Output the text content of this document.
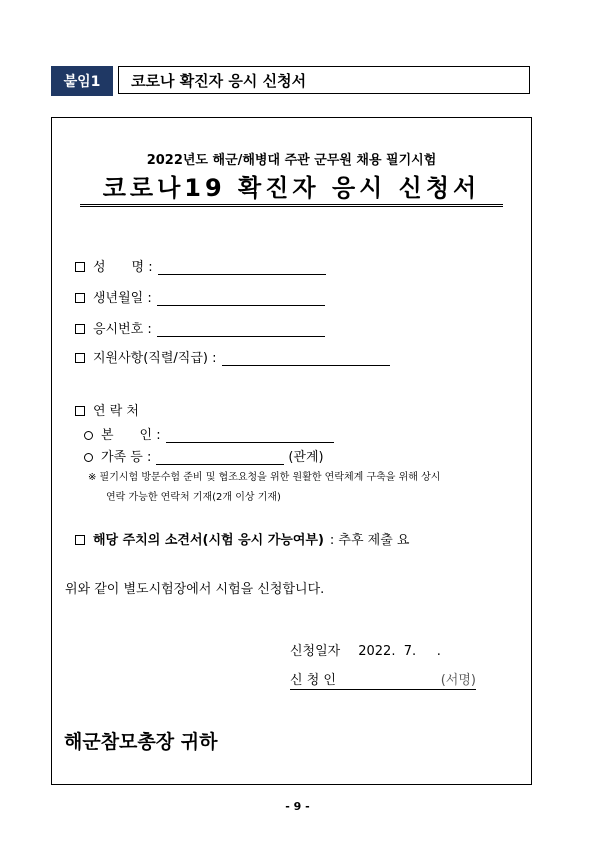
붙임1	코로나 확진자 응시 신청서
2022년도 해군/해병대 주관 군무원 채용 필기시험
코로나19 확진자 응시 신청서
성　　명 :
생년월일 :
응시번호 :
지원사항(직렬/직급) :
연 락 처
본　　인 :
가족 등 :	(관계)
※ 필기시험 방문수험 준비 및 협조요청을 위한 원활한 연락체계 구축을 위해 상시
연락 가능한 연락처 기재(2개 이상 기재)
해당 주치의 소견서(시험 응시 가능여부) : 추후 제출 요
위와 같이 별도시험장에서 시험을 신청합니다.
신청일자 2022.  7.     .
신 청 인	(서명)
해군참모총장 귀하
- 9 -
